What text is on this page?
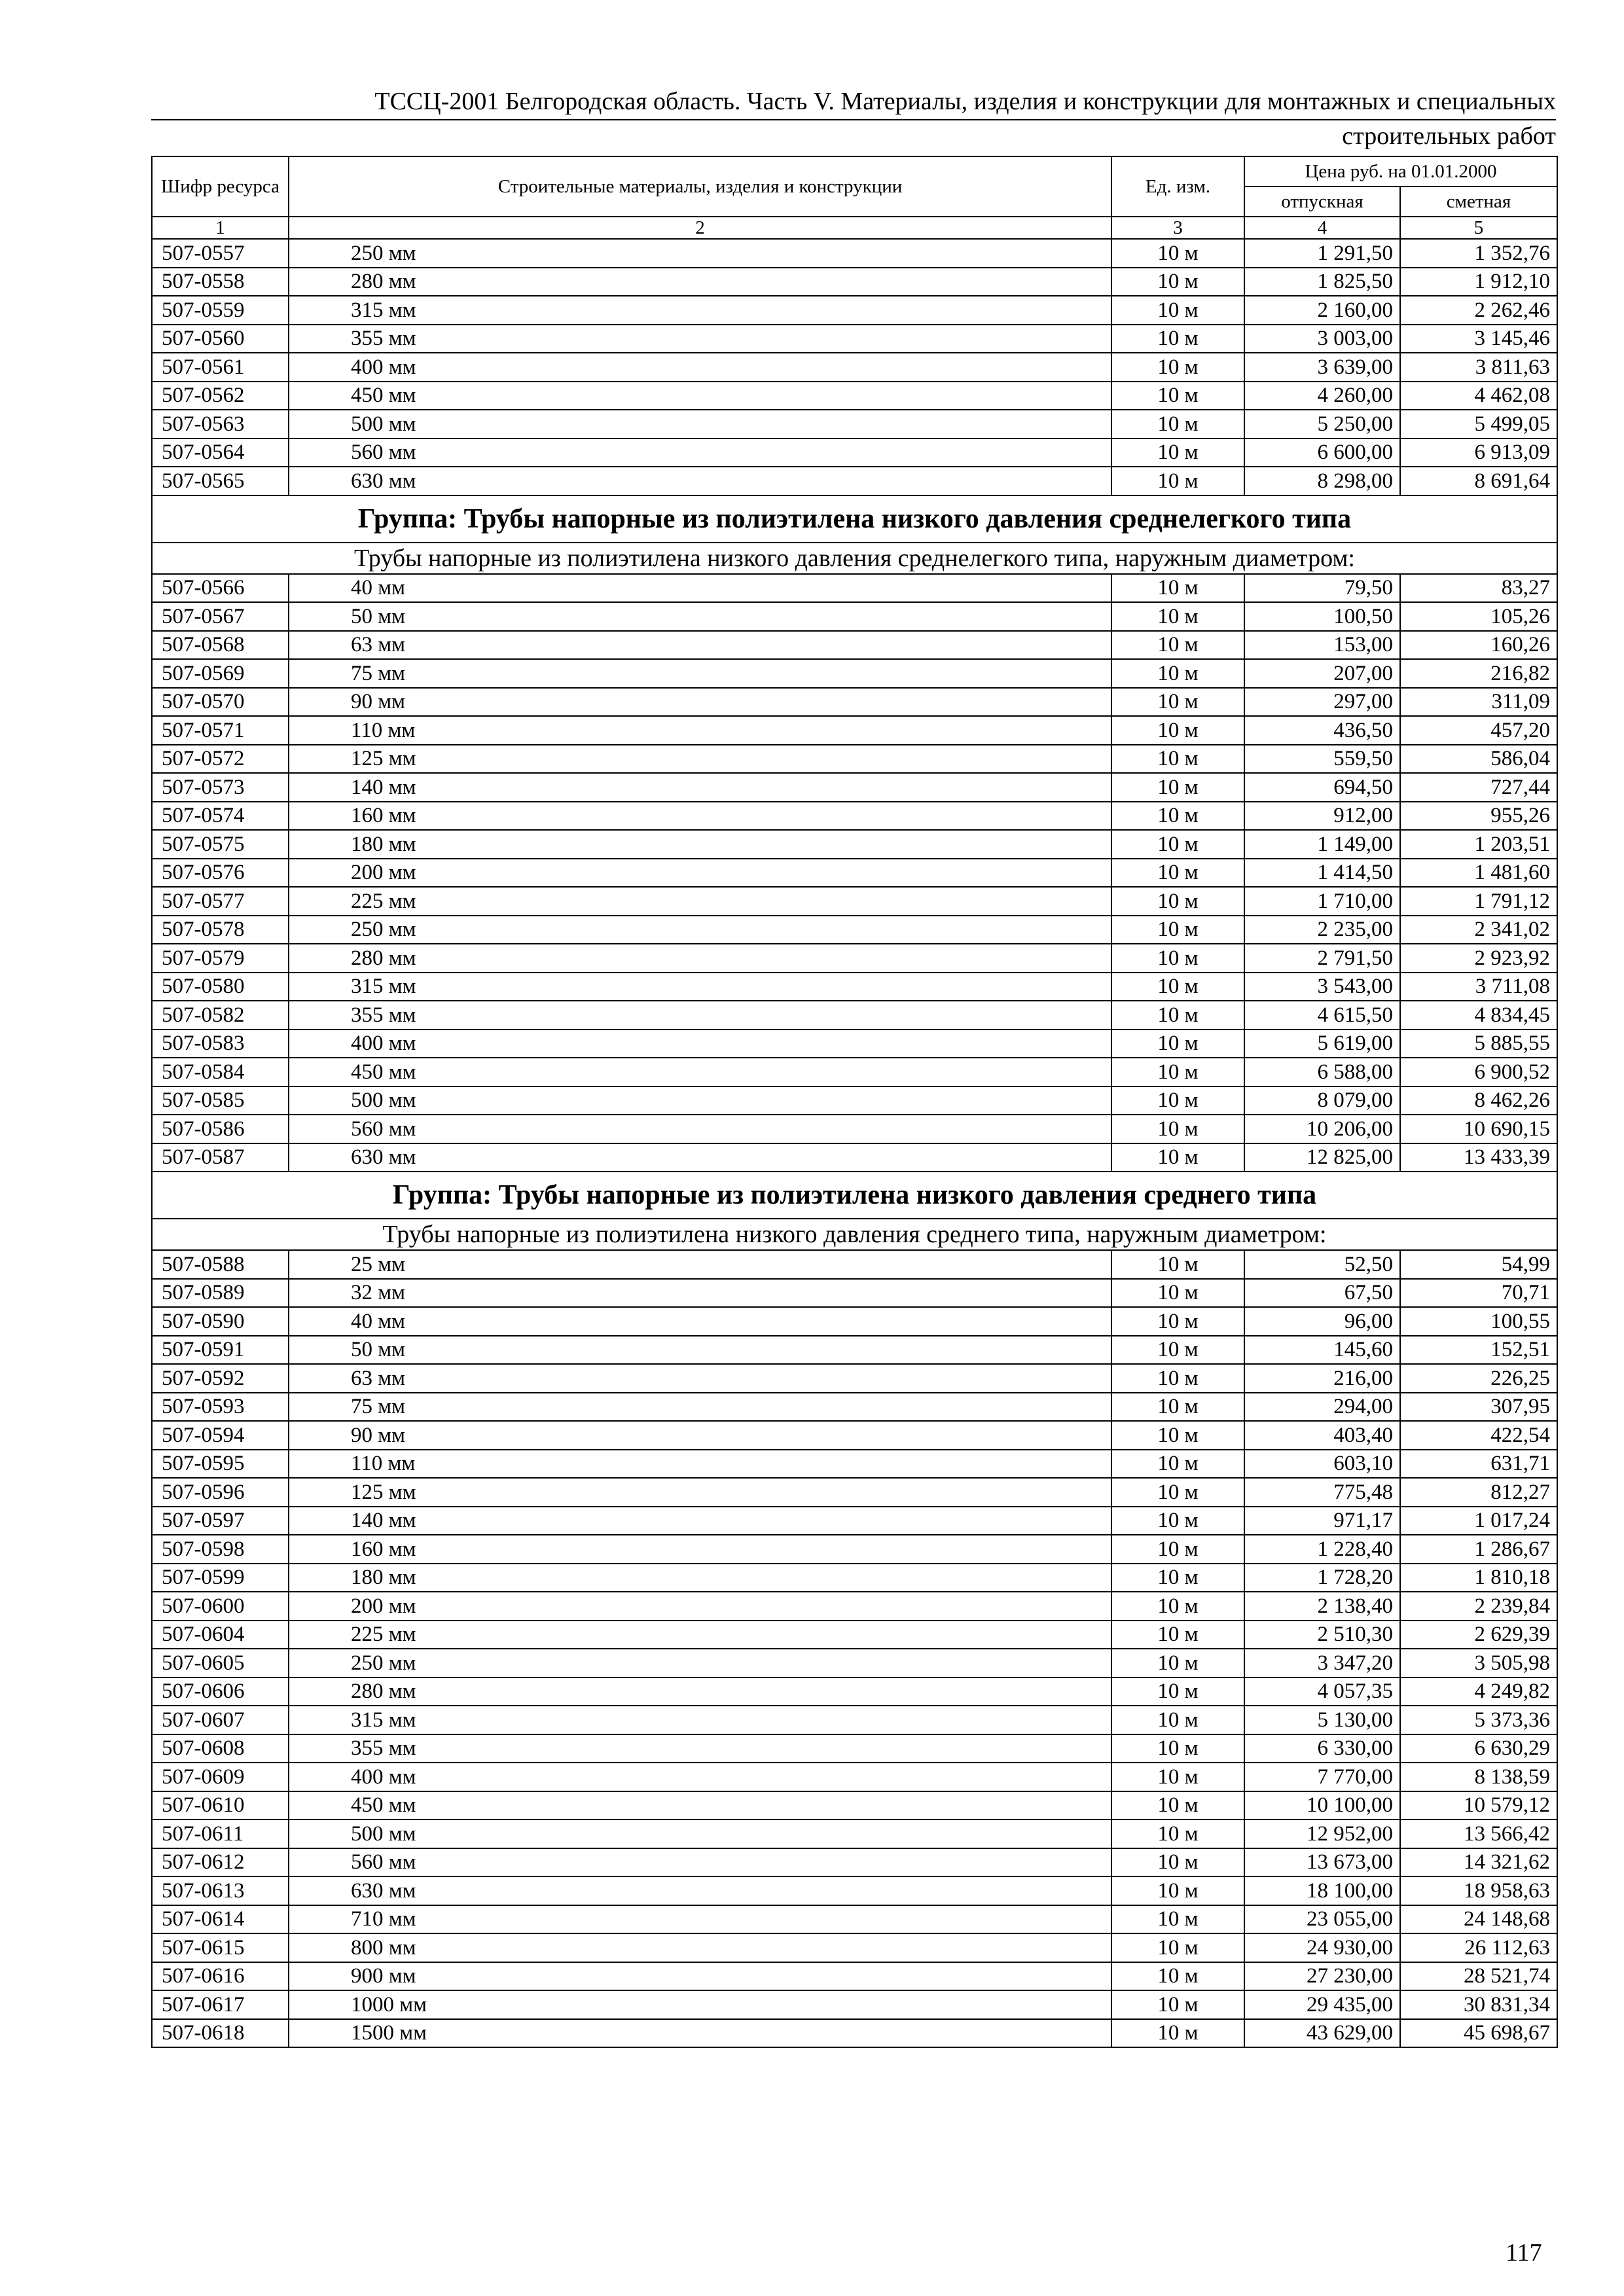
ТССЦ-2001 Белгородская область. Часть V. Материалы, изделия и конструкции для монтажных и специальных
строительных работ
Шифр ресурса	Строительные материалы, изделия и конструкции	Ед. изм.	Цена руб. на 01.01.2000	
			отпускная	сметная
1	2	3	4	5
507-0557	250 мм	10 м	1 291,50	1 352,76
507-0558	280 мм	10 м	1 825,50	1 912,10
507-0559	315 мм	10 м	2 160,00	2 262,46
507-0560	355 мм	10 м	3 003,00	3 145,46
507-0561	400 мм	10 м	3 639,00	3 811,63
507-0562	450 мм	10 м	4 260,00	4 462,08
507-0563	500 мм	10 м	5 250,00	5 499,05
507-0564	560 мм	10 м	6 600,00	6 913,09
507-0565	630 мм	10 м	8 298,00	8 691,64
Группа: Трубы напорные из полиэтилена низкого давления среднелегкого типа				
Трубы напорные из полиэтилена низкого давления среднелегкого типа, наружным диаметром:				
507-0566	40 мм	10 м	79,50	83,27
507-0567	50 мм	10 м	100,50	105,26
507-0568	63 мм	10 м	153,00	160,26
507-0569	75 мм	10 м	207,00	216,82
507-0570	90 мм	10 м	297,00	311,09
507-0571	110 мм	10 м	436,50	457,20
507-0572	125 мм	10 м	559,50	586,04
507-0573	140 мм	10 м	694,50	727,44
507-0574	160 мм	10 м	912,00	955,26
507-0575	180 мм	10 м	1 149,00	1 203,51
507-0576	200 мм	10 м	1 414,50	1 481,60
507-0577	225 мм	10 м	1 710,00	1 791,12
507-0578	250 мм	10 м	2 235,00	2 341,02
507-0579	280 мм	10 м	2 791,50	2 923,92
507-0580	315 мм	10 м	3 543,00	3 711,08
507-0582	355 мм	10 м	4 615,50	4 834,45
507-0583	400 мм	10 м	5 619,00	5 885,55
507-0584	450 мм	10 м	6 588,00	6 900,52
507-0585	500 мм	10 м	8 079,00	8 462,26
507-0586	560 мм	10 м	10 206,00	10 690,15
507-0587	630 мм	10 м	12 825,00	13 433,39
Группа: Трубы напорные из полиэтилена низкого давления среднего типа				
Трубы напорные из полиэтилена низкого давления среднего типа, наружным диаметром:				
507-0588	25 мм	10 м	52,50	54,99
507-0589	32 мм	10 м	67,50	70,71
507-0590	40 мм	10 м	96,00	100,55
507-0591	50 мм	10 м	145,60	152,51
507-0592	63 мм	10 м	216,00	226,25
507-0593	75 мм	10 м	294,00	307,95
507-0594	90 мм	10 м	403,40	422,54
507-0595	110 мм	10 м	603,10	631,71
507-0596	125 мм	10 м	775,48	812,27
507-0597	140 мм	10 м	971,17	1 017,24
507-0598	160 мм	10 м	1 228,40	1 286,67
507-0599	180 мм	10 м	1 728,20	1 810,18
507-0600	200 мм	10 м	2 138,40	2 239,84
507-0604	225 мм	10 м	2 510,30	2 629,39
507-0605	250 мм	10 м	3 347,20	3 505,98
507-0606	280 мм	10 м	4 057,35	4 249,82
507-0607	315 мм	10 м	5 130,00	5 373,36
507-0608	355 мм	10 м	6 330,00	6 630,29
507-0609	400 мм	10 м	7 770,00	8 138,59
507-0610	450 мм	10 м	10 100,00	10 579,12
507-0611	500 мм	10 м	12 952,00	13 566,42
507-0612	560 мм	10 м	13 673,00	14 321,62
507-0613	630 мм	10 м	18 100,00	18 958,63
507-0614	710 мм	10 м	23 055,00	24 148,68
507-0615	800 мм	10 м	24 930,00	26 112,63
507-0616	900 мм	10 м	27 230,00	28 521,74
507-0617	1000 мм	10 м	29 435,00	30 831,34
507-0618	1500 мм	10 м	43 629,00	45 698,67
117
